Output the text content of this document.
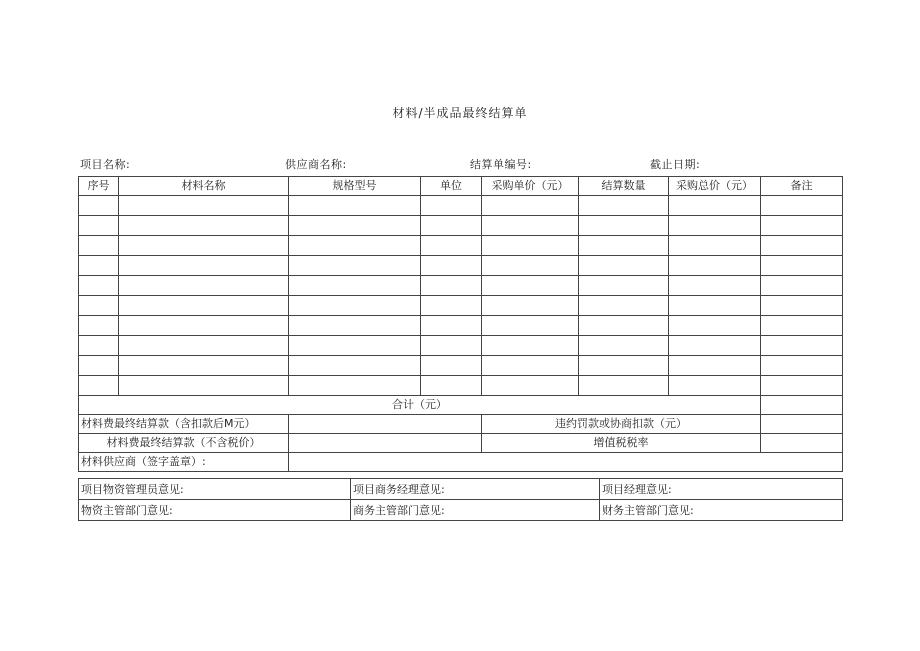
材料/半成品最终结算单
项目名称:	供应商名称:	结算单编号:	截止日期:
序号	材料名称	规格型号	单位	采购单价（元）	结算数量	采购总价（元）	备注

合计（元）							
材料费最终结算款（含扣款后M元）				违约罚款或协商扣款（元）			
材料费最终结算款（不含税价）				增值税税率			
材料供应商（签字盖章）:							
项目物资管理员意见:	项目商务经理意见:	项目经理意见:
物资主管部门意见:	商务主管部门意见:	财务主管部门意见:
